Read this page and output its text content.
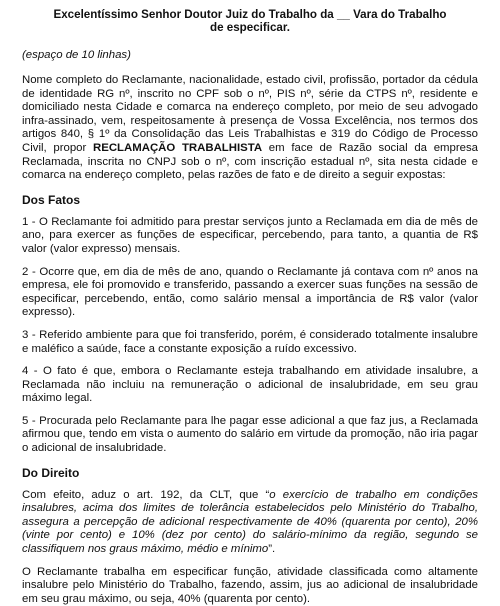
Excelentíssimo Senhor Doutor Juiz do Trabalho da __ Vara do Trabalho
de especificar.

(espaço de 10 linhas)

Nome completo do Reclamante, nacionalidade, estado civil, profissão, portador da cédula de identidade RG nº, inscrito no CPF sob o nº, PIS nº, série da CTPS nº, residente e domiciliado nesta Cidade e comarca na endereço completo, por meio de seu advogado infra-assinado, vem, respeitosamente à presença de Vossa Excelência, nos termos dos artigos 840, § 1º da Consolidação das Leis Trabalhistas e 319 do Código de Processo Civil, propor RECLAMAÇÃO TRABALHISTA em face de Razão social da empresa Reclamada, inscrita no CNPJ sob o nº, com inscrição estadual nº, sita nesta cidade e comarca na endereço completo, pelas razões de fato e de direito a seguir expostas:

Dos Fatos

1 - O Reclamante foi admitido para prestar serviços junto a Reclamada em dia de mês de ano, para exercer as funções de especificar, percebendo, para tanto, a quantia de R$ valor (valor expresso) mensais.

2 - Ocorre que, em dia de mês de ano, quando o Reclamante já contava com nº anos na empresa, ele foi promovido e transferido, passando a exercer suas funções na sessão de especificar, percebendo, então, como salário mensal a importância de R$ valor (valor expresso).

3 - Referido ambiente para que foi transferido, porém, é considerado totalmente insalubre e maléfico a saúde, face a constante exposição a ruído excessivo.

4 - O fato é que, embora o Reclamante esteja trabalhando em atividade insalubre, a Reclamada não incluiu na remuneração o adicional de insalubridade, em seu grau máximo legal.

5 - Procurada pelo Reclamante para lhe pagar esse adicional a que faz jus, a Reclamada afirmou que, tendo em vista o aumento do salário em virtude da promoção, não iria pagar o adicional de insalubridade.

Do Direito

Com efeito, aduz o art. 192, da CLT, que “o exercício de trabalho em condições insalubres, acima dos limites de tolerância estabelecidos pelo Ministério do Trabalho, assegura a percepção de adicional respectivamente de 40% (quarenta por cento), 20% (vinte por cento) e 10% (dez por cento) do salário-mínimo da região, segundo se classifiquem nos graus máximo, médio e mínimo”.

O Reclamante trabalha em especificar função, atividade classificada como altamente insalubre pelo Ministério do Trabalho, fazendo, assim, jus ao adicional de insalubridade em seu grau máximo, ou seja, 40% (quarenta por cento).
